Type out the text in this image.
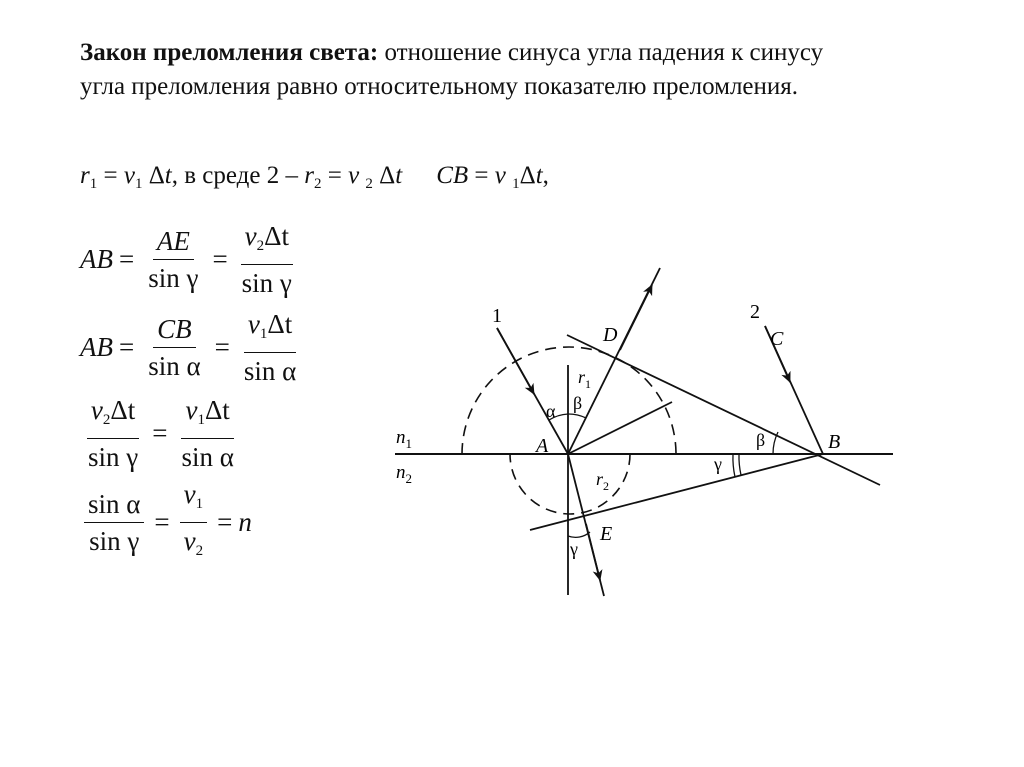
Закон преломления света: отношение синуса угла падения к синусу
угла преломления равно относительному показателю преломления.
$r_1 = v_1$ Δt, в среде $2 - r_2 = v$ $_2$ Δt CB = v $_1$Δt,
AB = $\frac{AE}{\text{sin γ}} = \frac{v_2\Delta t}{\text{sin γ}}$
AB = $\frac{CB}{\text{sin α}} = \frac{v_1\Delta t}{\text{sin α}}$
$\frac{v_2\Delta t}{\text{sin γ}} = \frac{v_1\Delta t}{\text{sin α}}$
$\frac{\text{sin α}}{\text{sin γ}} = \frac{v_1}{v_2} = n$
1	2
D	C
A	B
E
$n_1$
$n_2$
$r_1$
$r_2$
α β
β
γ
γ
